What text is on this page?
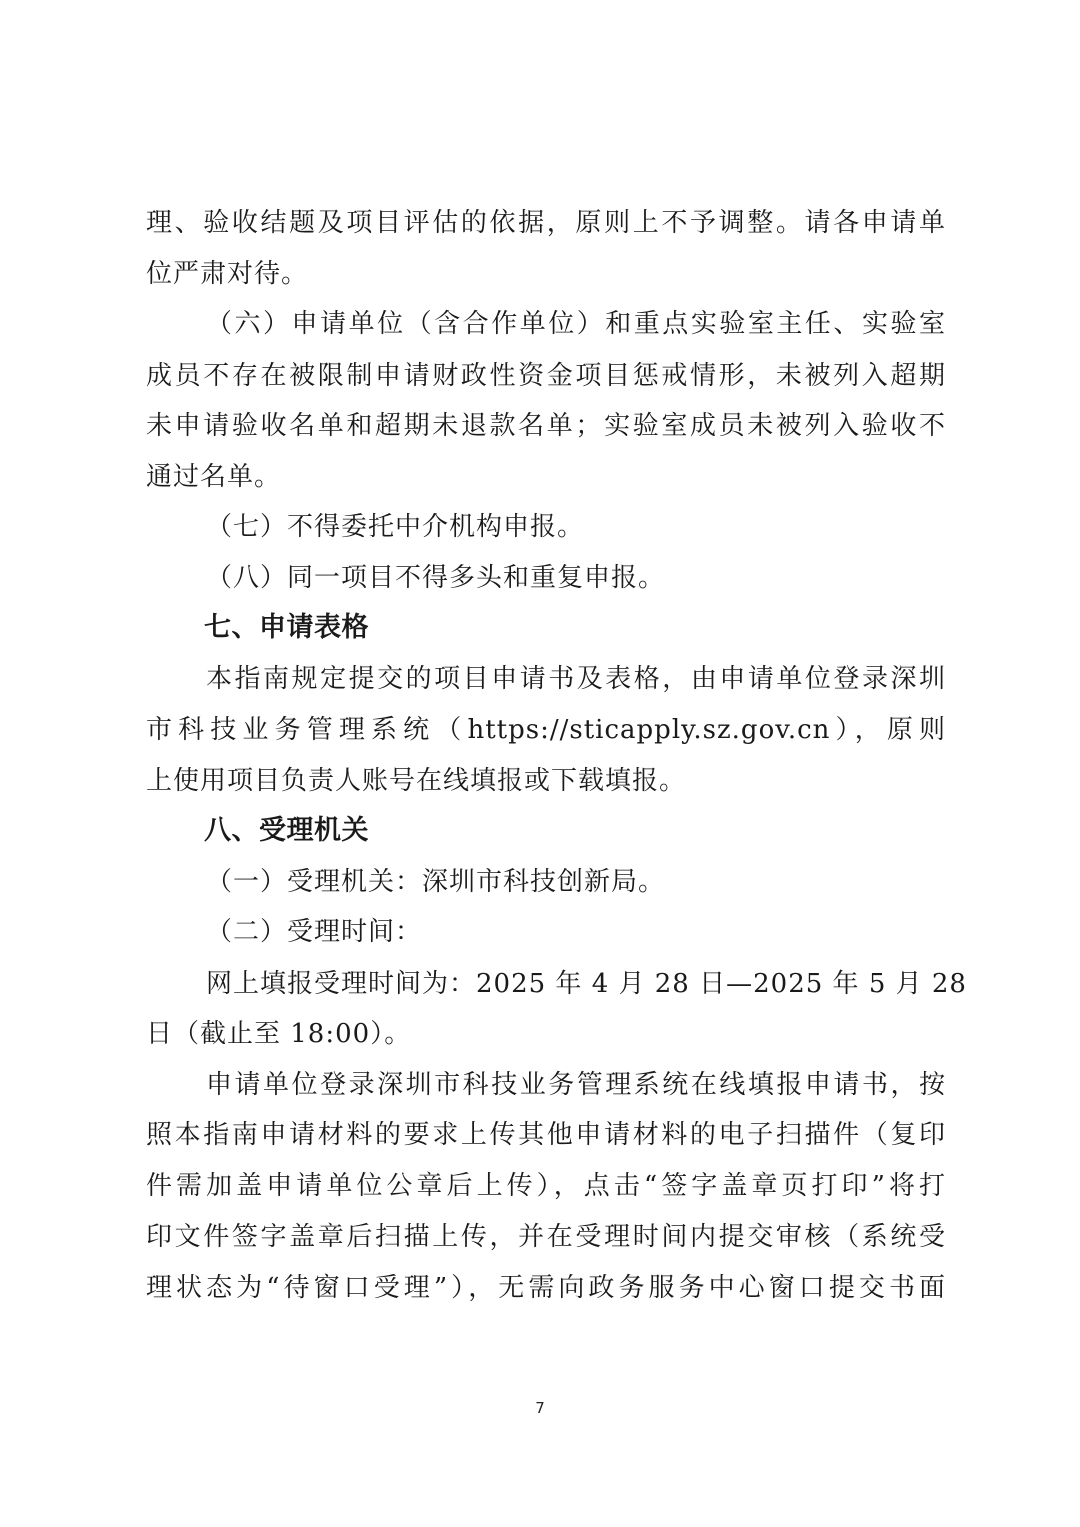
理、验收结题及项目评估的依据，原则上不予调整。请各申请单
位严肃对待。
（六）申请单位（含合作单位）和重点实验室主任、实验室
成员不存在被限制申请财政性资金项目惩戒情形，未被列入超期
未申请验收名单和超期未退款名单；实验室成员未被列入验收不
通过名单。
（七）不得委托中介机构申报。
（八）同一项目不得多头和重复申报。
七、申请表格
本指南规定提交的项目申请书及表格，由申请单位登录深圳
市科技业务管理系统（https://sticapply.sz.gov.cn），原则
上使用项目负责人账号在线填报或下载填报。
八、受理机关
（一）受理机关：深圳市科技创新局。
（二）受理时间：
网上填报受理时间为：2025 年 4 月 28 日—2025 年 5 月 28
日（截止至 18:00）。
申请单位登录深圳市科技业务管理系统在线填报申请书，按
照本指南申请材料的要求上传其他申请材料的电子扫描件（复印
件需加盖申请单位公章后上传），点击“签字盖章页打印”将打
印文件签字盖章后扫描上传，并在受理时间内提交审核（系统受
理状态为“待窗口受理”），无需向政务服务中心窗口提交书面
7
